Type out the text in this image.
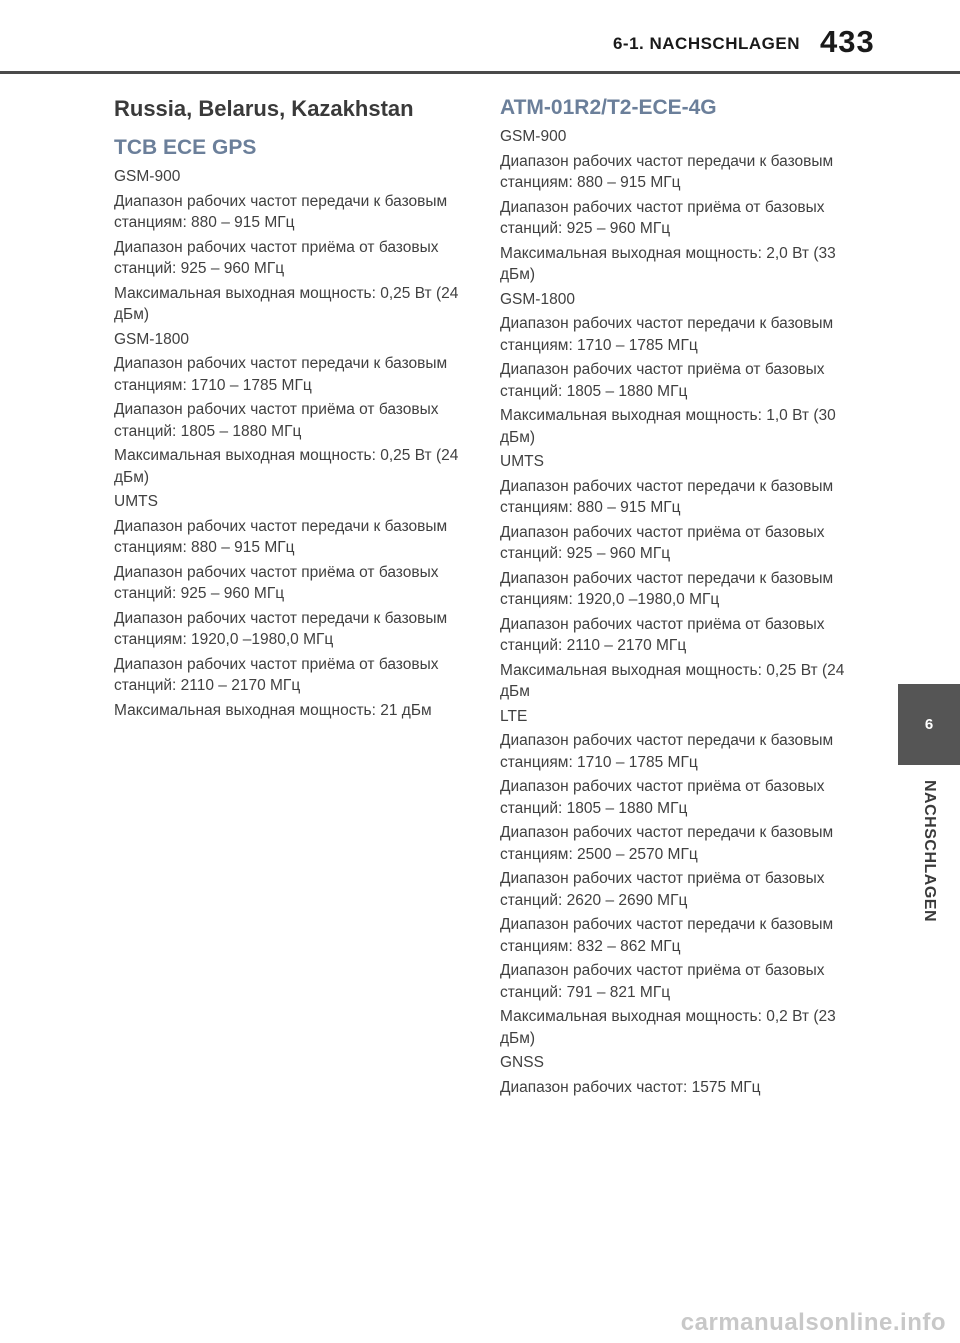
6-1. NACHSCHLAGEN 433
Russia, Belarus, Kazakhstan
TCB ECE GPS
GSM-900
Диапазон рабочих частот передачи к базовым станциям: 880 – 915 МГц
Диапазон рабочих частот приёма от базовых станций: 925 – 960 МГц
Максимальная выходная мощность: 0,25 Вт (24 дБм)
GSM-1800
Диапазон рабочих частот передачи к базовым станциям: 1710 – 1785 МГц
Диапазон рабочих частот приёма от базовых станций: 1805 – 1880 МГц
Максимальная выходная мощность: 0,25 Вт (24 дБм)
UMTS
Диапазон рабочих частот передачи к базовым станциям: 880 – 915 МГц
Диапазон рабочих частот приёма от базовых станций: 925 – 960 МГц
Диапазон рабочих частот передачи к базовым станциям: 1920,0 –1980,0 МГц
Диапазон рабочих частот приёма от базовых станций: 2110 – 2170 МГц
Максимальная выходная мощность: 21 дБм
ATM-01R2/T2-ECE-4G
GSM-900
Диапазон рабочих частот передачи к базовым станциям: 880 – 915 МГц
Диапазон рабочих частот приёма от базовых станций: 925 – 960 МГц
Максимальная выходная мощность: 2,0 Вт (33 дБм)
GSM-1800
Диапазон рабочих частот передачи к базовым станциям: 1710 – 1785 МГц
Диапазон рабочих частот приёма от базовых станций: 1805 – 1880 МГц
Максимальная выходная мощность: 1,0 Вт (30 дБм)
UMTS
Диапазон рабочих частот передачи к базовым станциям: 880 – 915 МГц
Диапазон рабочих частот приёма от базовых станций: 925 – 960 МГц
Диапазон рабочих частот передачи к базовым станциям: 1920,0 –1980,0 МГц
Диапазон рабочих частот приёма от базовых станций: 2110 – 2170 МГц
Максимальная выходная мощность: 0,25 Вт (24 дБм
LTE
Диапазон рабочих частот передачи к базовым станциям: 1710 – 1785 МГц
Диапазон рабочих частот приёма от базовых станций: 1805 – 1880 МГц
Диапазон рабочих частот передачи к базовым станциям: 2500 – 2570 МГц
Диапазон рабочих частот приёма от базовых станций: 2620 – 2690 МГц
Диапазон рабочих частот передачи к базовым станциям: 832 – 862 МГц
Диапазон рабочих частот приёма от базовых станций: 791 – 821 МГц
Максимальная выходная мощность: 0,2 Вт (23 дБм)
GNSS
Диапазон рабочих частот: 1575 МГц
6
NACHSCHLAGEN
carmanualsonline.info
